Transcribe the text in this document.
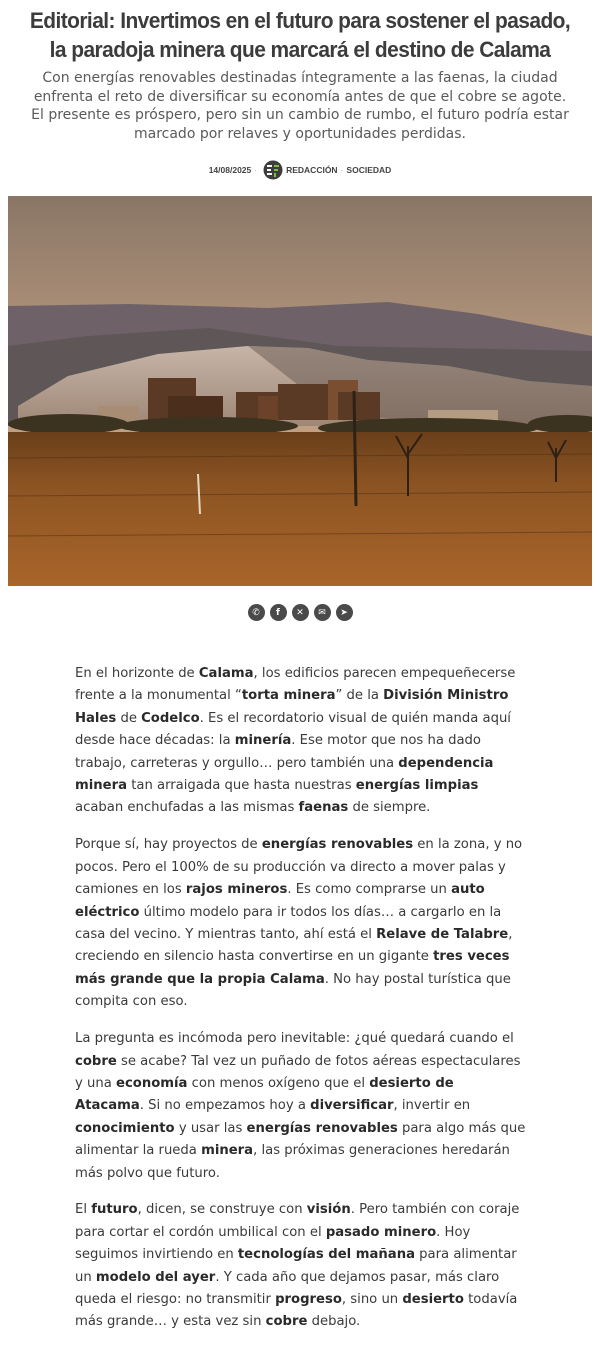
Editorial: Invertimos en el futuro para sostener el pasado, la paradoja minera que marcará el destino de Calama

Con energías renovables destinadas íntegramente a las faenas, la ciudad enfrenta el reto de diversificar su economía antes de que el cobre se agote. El presente es próspero, pero sin un cambio de rumbo, el futuro podría estar marcado por relaves y oportunidades perdidas.

14/08/2025 ·	REDACCIÓN · SOCIEDAD
✆ f ✕ ✉ ➤

En el horizonte de Calama, los edificios parecen empequeñecerse frente a la monumental “torta minera” de la División Ministro Hales de Codelco. Es el recordatorio visual de quién manda aquí desde hace décadas: la minería. Ese motor que nos ha dado trabajo, carreteras y orgullo… pero también una dependencia minera tan arraigada que hasta nuestras energías limpias acaban enchufadas a las mismas faenas de siempre.

Porque sí, hay proyectos de energías renovables en la zona, y no pocos. Pero el 100% de su producción va directo a mover palas y camiones en los rajos mineros. Es como comprarse un auto eléctrico último modelo para ir todos los días… a cargarlo en la casa del vecino. Y mientras tanto, ahí está el Relave de Talabre, creciendo en silencio hasta convertirse en un gigante tres veces más grande que la propia Calama. No hay postal turística que compita con eso.

La pregunta es incómoda pero inevitable: ¿qué quedará cuando el cobre se acabe? Tal vez un puñado de fotos aéreas espectaculares y una economía con menos oxígeno que el desierto de Atacama. Si no empezamos hoy a diversificar, invertir en conocimiento y usar las energías renovables para algo más que alimentar la rueda minera, las próximas generaciones heredarán más polvo que futuro.

El futuro, dicen, se construye con visión. Pero también con coraje para cortar el cordón umbilical con el pasado minero. Hoy seguimos invirtiendo en tecnologías del mañana para alimentar un modelo del ayer. Y cada año que dejamos pasar, más claro queda el riesgo: no transmitir progreso, sino un desierto todavía más grande… y esta vez sin cobre debajo.
